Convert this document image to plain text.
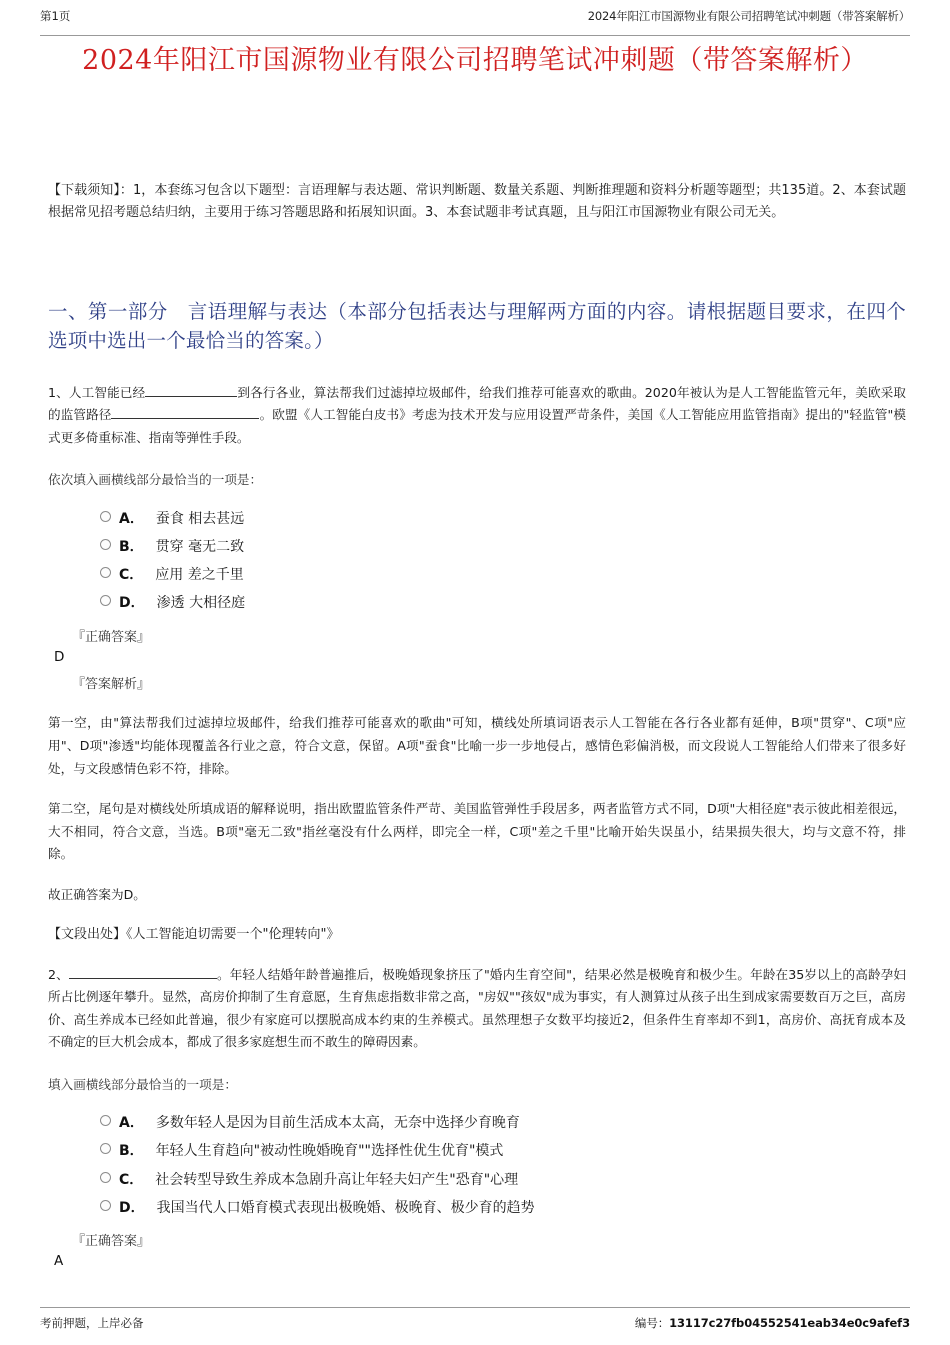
第1页	2024年阳江市国源物业有限公司招聘笔试冲刺题（带答案解析）
2024年阳江市国源物业有限公司招聘笔试冲刺题（带答案解析）

【下载须知】：1，本套练习包含以下题型：言语理解与表达题、常识判断题、数量关系题、判断推理题和资料分析题等题型；共135道。2、本套试题根据常见招考题总结归纳，主要用于练习答题思路和拓展知识面。3、本套试题非考试真题，且与阳江市国源物业有限公司无关。

一、第一部分　言语理解与表达（本部分包括表达与理解两方面的内容。请根据题目要求，在四个选项中选出一个最恰当的答案。）

1、人工智能已经	到各行各业，算法帮我们过滤掉垃圾邮件，给我们推荐可能喜欢的歌曲。2020年被认为是人工智能监管元年，美欧采取的监管路径	。欧盟《人工智能白皮书》考虑为技术开发与应用设置严苛条件，美国《人工智能应用监管指南》提出的"轻监管"模式更多倚重标准、指南等弹性手段。

依次填入画横线部分最恰当的一项是：

A． 蚕食 相去甚远
B． 贯穿 毫无二致
C． 应用 差之千里
D． 渗透 大相径庭

『正确答案』

D

『答案解析』

第一空，由"算法帮我们过滤掉垃圾邮件，给我们推荐可能喜欢的歌曲"可知，横线处所填词语表示人工智能在各行各业都有延伸，B项"贯穿"、C项"应用"、D项"渗透"均能体现覆盖各行业之意，符合文意，保留。A项"蚕食"比喻一步一步地侵占，感情色彩偏消极，而文段说人工智能给人们带来了很多好处，与文段感情色彩不符，排除。

第二空，尾句是对横线处所填成语的解释说明，指出欧盟监管条件严苛、美国监管弹性手段居多，两者监管方式不同，D项"大相径庭"表示彼此相差很远，大不相同，符合文意，当选。B项"毫无二致"指丝毫没有什么两样，即完全一样，C项"差之千里"比喻开始失误虽小，结果损失很大，均与文意不符，排除。

故正确答案为D。

【文段出处】《人工智能迫切需要一个"伦理转向"》

2、	。年轻人结婚年龄普遍推后，极晚婚现象挤压了"婚内生育空间"，结果必然是极晚育和极少生。年龄在35岁以上的高龄孕妇所占比例逐年攀升。显然，高房价抑制了生育意愿，生育焦虑指数非常之高，"房奴""孩奴"成为事实，有人测算过从孩子出生到成家需要数百万之巨，高房价、高生养成本已经如此普遍，很少有家庭可以摆脱高成本约束的生养模式。虽然理想子女数平均接近2，但条件生育率却不到1，高房价、高抚育成本及不确定的巨大机会成本，都成了很多家庭想生而不敢生的障碍因素。

填入画横线部分最恰当的一项是：

A． 多数年轻人是因为目前生活成本太高，无奈中选择少育晚育
B． 年轻人生育趋向"被动性晚婚晚育""选择性优生优育"模式
C． 社会转型导致生养成本急剧升高让年轻夫妇产生"恐育"心理
D． 我国当代人口婚育模式表现出极晚婚、极晚育、极少育的趋势

『正确答案』

A

考前押题，上岸必备	编号：13117c27fb04552541eab34e0c9afef3
